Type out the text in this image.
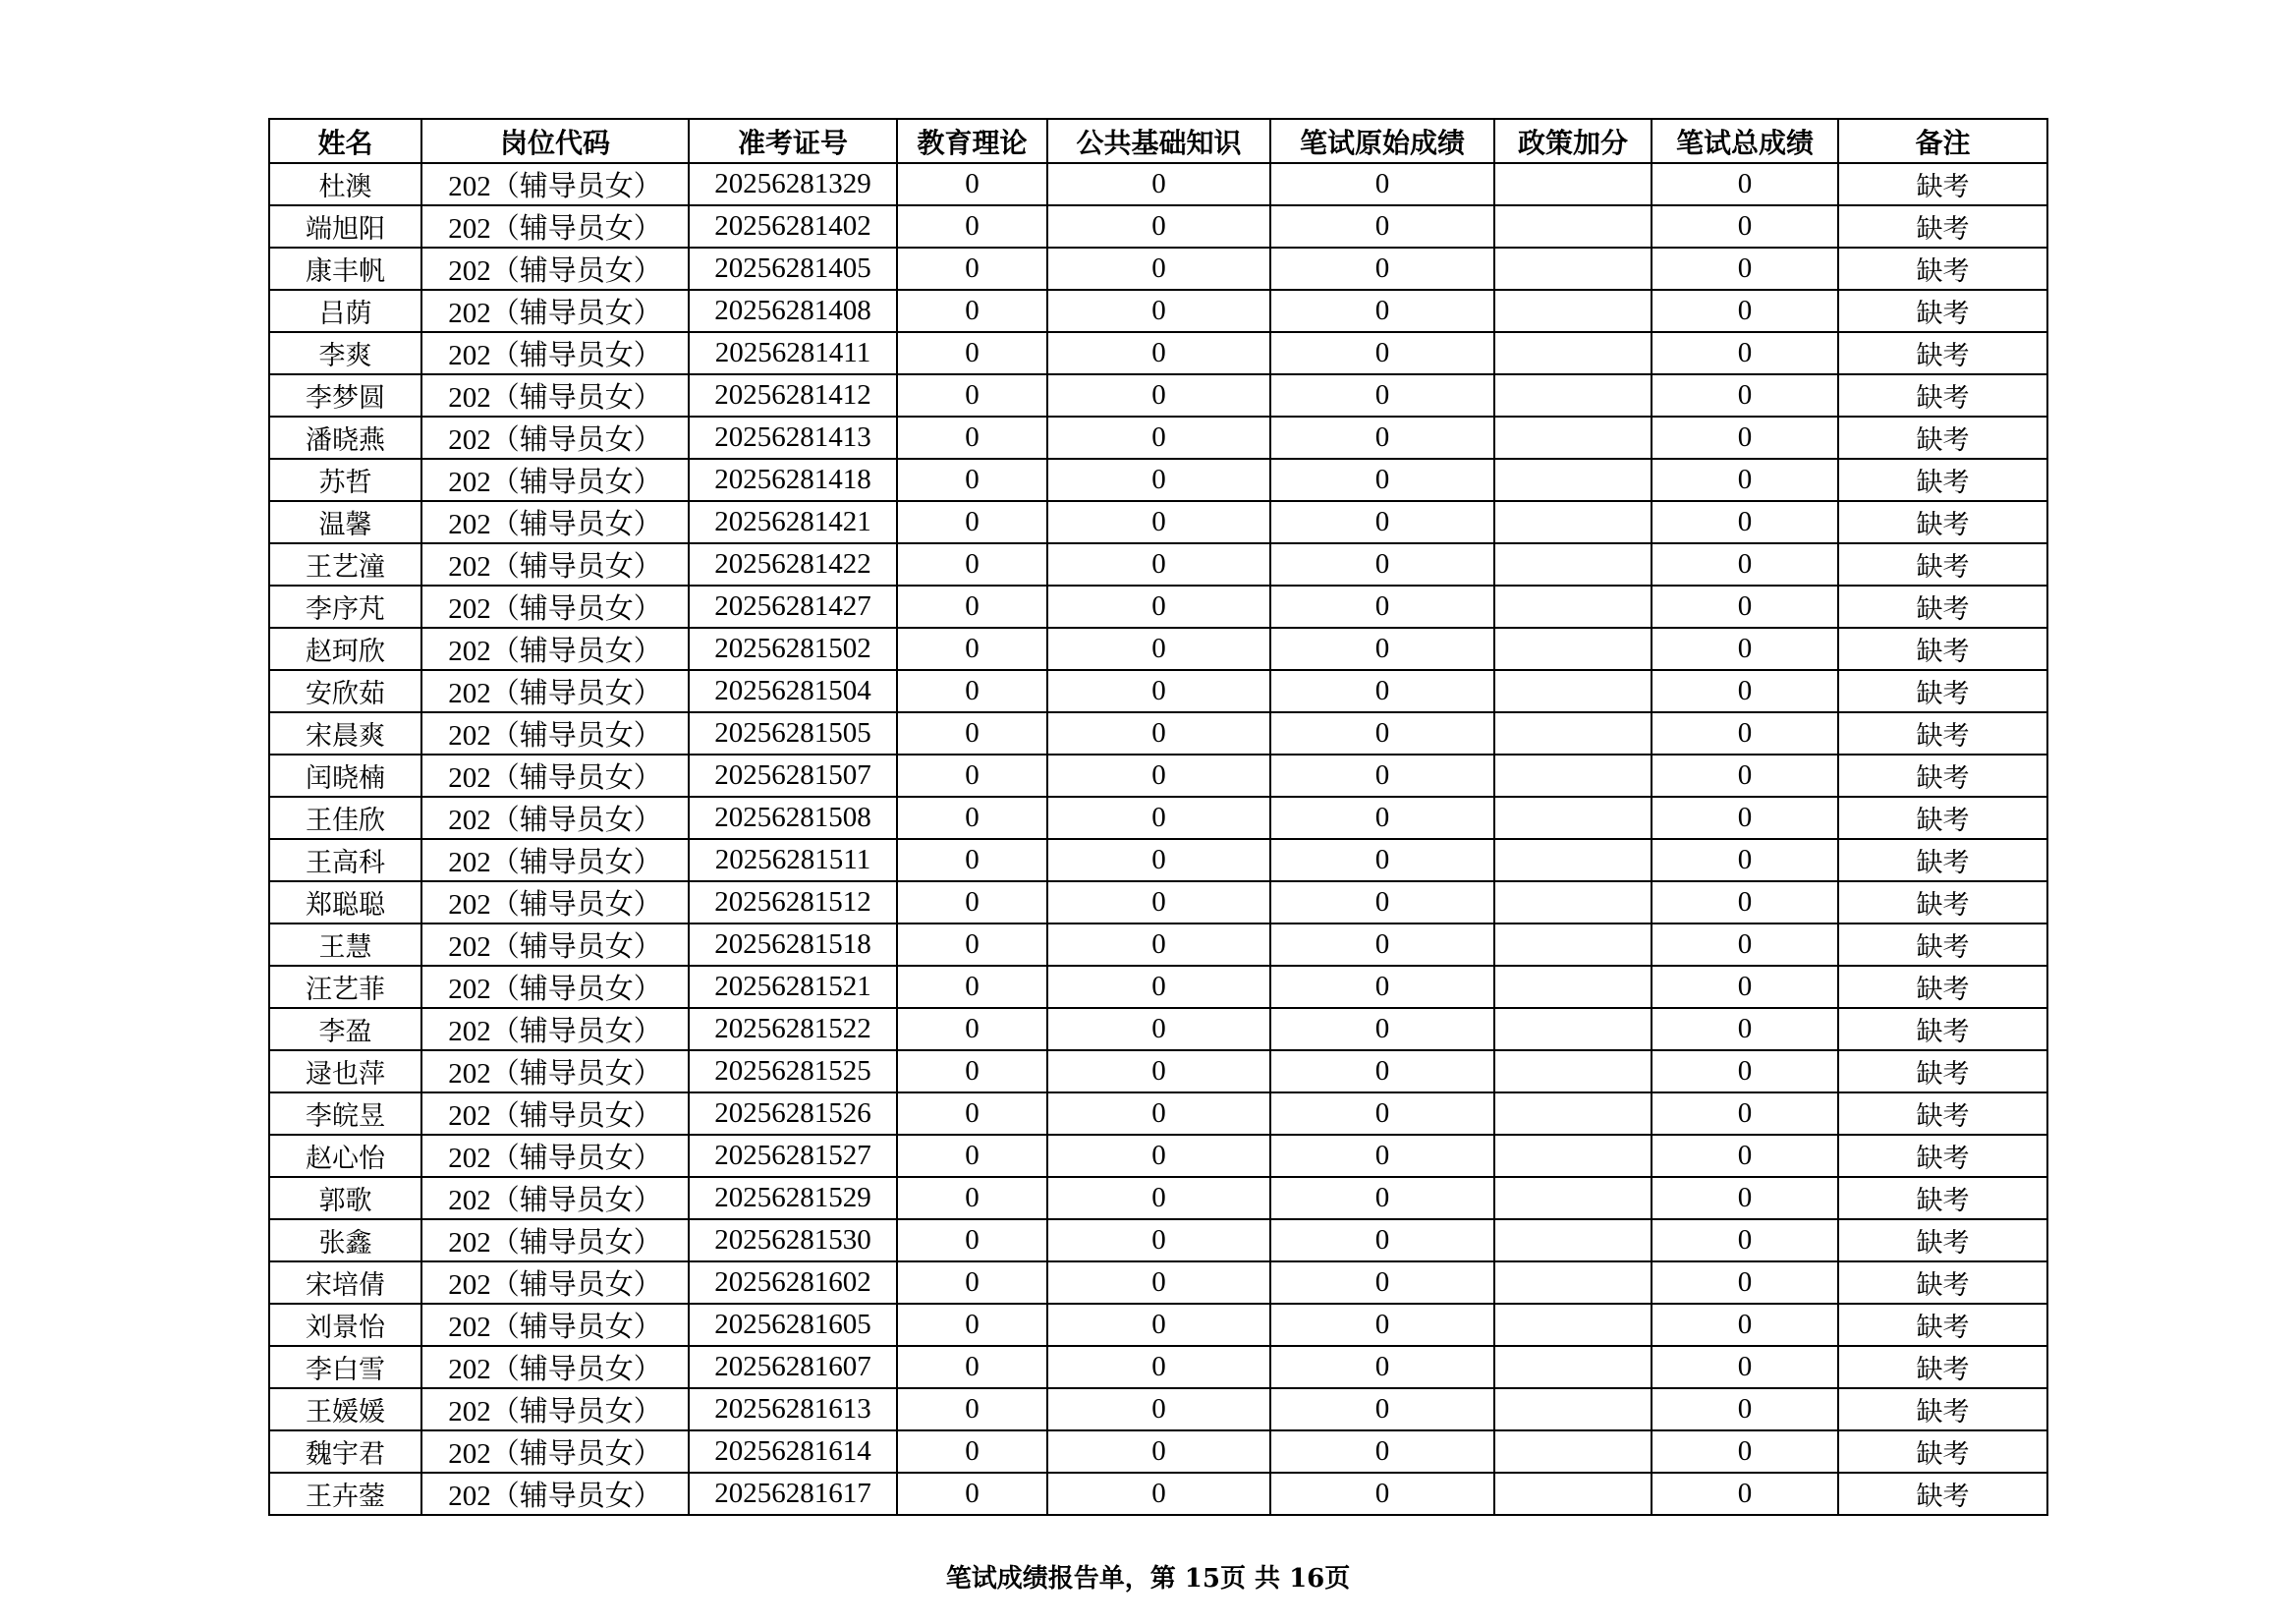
姓名	岗位代码	准考证号	教育理论	公共基础知识	笔试原始成绩	政策加分	笔试总成绩	备注
杜澳	202（辅导员女）	20256281329	0	0	0		0	缺考
端旭阳	202（辅导员女）	20256281402	0	0	0		0	缺考
康丰帆	202（辅导员女）	20256281405	0	0	0		0	缺考
吕荫	202（辅导员女）	20256281408	0	0	0		0	缺考
李爽	202（辅导员女）	20256281411	0	0	0		0	缺考
李梦圆	202（辅导员女）	20256281412	0	0	0		0	缺考
潘晓燕	202（辅导员女）	20256281413	0	0	0		0	缺考
苏哲	202（辅导员女）	20256281418	0	0	0		0	缺考
温馨	202（辅导员女）	20256281421	0	0	0		0	缺考
王艺潼	202（辅导员女）	20256281422	0	0	0		0	缺考
李序芃	202（辅导员女）	20256281427	0	0	0		0	缺考
赵珂欣	202（辅导员女）	20256281502	0	0	0		0	缺考
安欣茹	202（辅导员女）	20256281504	0	0	0		0	缺考
宋晨爽	202（辅导员女）	20256281505	0	0	0		0	缺考
闰晓楠	202（辅导员女）	20256281507	0	0	0		0	缺考
王佳欣	202（辅导员女）	20256281508	0	0	0		0	缺考
王高科	202（辅导员女）	20256281511	0	0	0		0	缺考
郑聪聪	202（辅导员女）	20256281512	0	0	0		0	缺考
王慧	202（辅导员女）	20256281518	0	0	0		0	缺考
汪艺菲	202（辅导员女）	20256281521	0	0	0		0	缺考
李盈	202（辅导员女）	20256281522	0	0	0		0	缺考
逯也萍	202（辅导员女）	20256281525	0	0	0		0	缺考
李皖昱	202（辅导员女）	20256281526	0	0	0		0	缺考
赵心怡	202（辅导员女）	20256281527	0	0	0		0	缺考
郭歌	202（辅导员女）	20256281529	0	0	0		0	缺考
张鑫	202（辅导员女）	20256281530	0	0	0		0	缺考
宋培倩	202（辅导员女）	20256281602	0	0	0		0	缺考
刘景怡	202（辅导员女）	20256281605	0	0	0		0	缺考
李白雪	202（辅导员女）	20256281607	0	0	0		0	缺考
王媛媛	202（辅导员女）	20256281613	0	0	0		0	缺考
魏宇君	202（辅导员女）	20256281614	0	0	0		0	缺考
王卉蓥	202（辅导员女）	20256281617	0	0	0		0	缺考
笔试成绩报告单，第 15页 共 16页
